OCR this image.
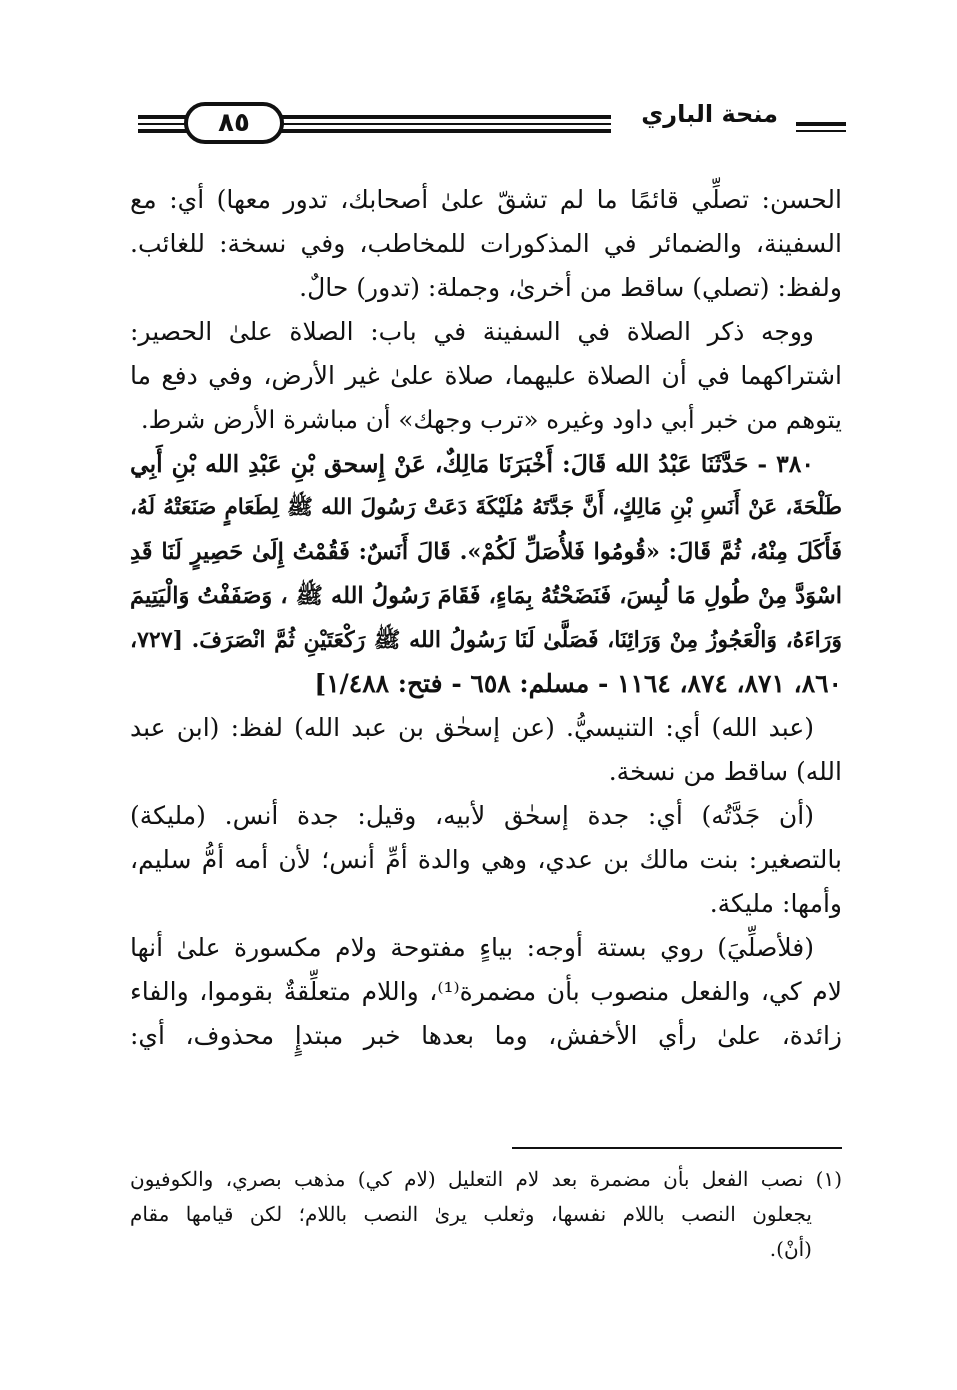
منحة الباري
٨٥
الحسن: تصلِّي قائمًا ما لم تشقّ علىٰ أصحابك، تدور معها) أي: مع
السفينة، والضمائر في المذكورات للمخاطب، وفي نسخة: للغائب.
ولفظ: (تصلي) ساقط من أخرىٰ، وجملة: (تدور) حالٌ.
ووجه ذكر الصلاة في السفينة في باب: الصلاة علىٰ الحصير:
اشتراكهما في أن الصلاة عليهما، صلاة علىٰ غير الأرض، وفي دفع ما
يتوهم من خبر أبي داود وغيره «ترب وجهك» أن مباشرة الأرض شرط.
٣٨٠ - حَدَّثَنَا عَبْدُ الله قَالَ: أَخْبَرَنَا مَالِكٌ، عَنْ إِسحق بْنِ عَبْدِ الله بْنِ أَبِي
طَلْحَةَ، عَنْ أَنَسِ بْنِ مَالِكٍ، أَنَّ جَدَّتَهُ مُلَيْكَةَ دَعَتْ رَسُولَ الله ﷺ لِطَعَامٍ صَنَعَتْهُ لَهُ،
فَأَكَلَ مِنْهُ، ثُمَّ قَالَ: «قُومُوا فَلأُصَلِّ لَكُمْ». قَالَ أَنَسٌ: فَقُمْتُ إِلَىٰ حَصِيرٍ لَنَا قَدِ
اسْوَدَّ مِنْ طُولِ مَا لُبِسَ، فَنَضَحْتُهُ بِمَاءٍ، فَقَامَ رَسُولُ الله ﷺ ، وَصَفَفْتُ وَالْيَتِيمَ
وَرَاءَهُ، وَالْعَجُوزُ مِنْ وَرَائِنَا، فَصَلَّىٰ لَنَا رَسُولُ الله ﷺ رَكْعَتَيْنِ ثُمَّ انْصَرَفَ. [٧٢٧،
٨٦٠، ٨٧١، ٨٧٤، ١١٦٤ - مسلم: ٦٥٨ - فتح: ١/٤٨٨]
(عبد الله) أي: التنيسيُّ. (عن إسحٰق بن عبد الله) لفظ: (ابن عبد
الله) ساقط من نسخة.
(أن جَدَّتُه) أي: جدة إسحٰق لأبيه، وقيل: جدة أنس. (مليكة)
بالتصغير: بنت مالك بن عدي، وهي والدة أمِّ أنس؛ لأن أمه أمُّ سليم،
وأمها: مليكة.
(فلأصلِّيَ) روي بستة أوجه: بياءٍ مفتوحة ولام مكسورة علىٰ أنها
لام كي، والفعل منصوب بأن مضمرة⁽¹⁾، واللام متعلِّقةٌ بقوموا، والفاء
زائدة، علىٰ رأي الأخفش، وما بعدها خبر مبتدإٍ محذوف، أي:
(١) نصب الفعل بأن مضمرة بعد لام التعليل (لام كي) مذهب بصري، والكوفيون
يجعلون النصب باللام نفسها، وثعلب يرىٰ النصب باللام؛ لكن قيامها مقام
(أنْ).
